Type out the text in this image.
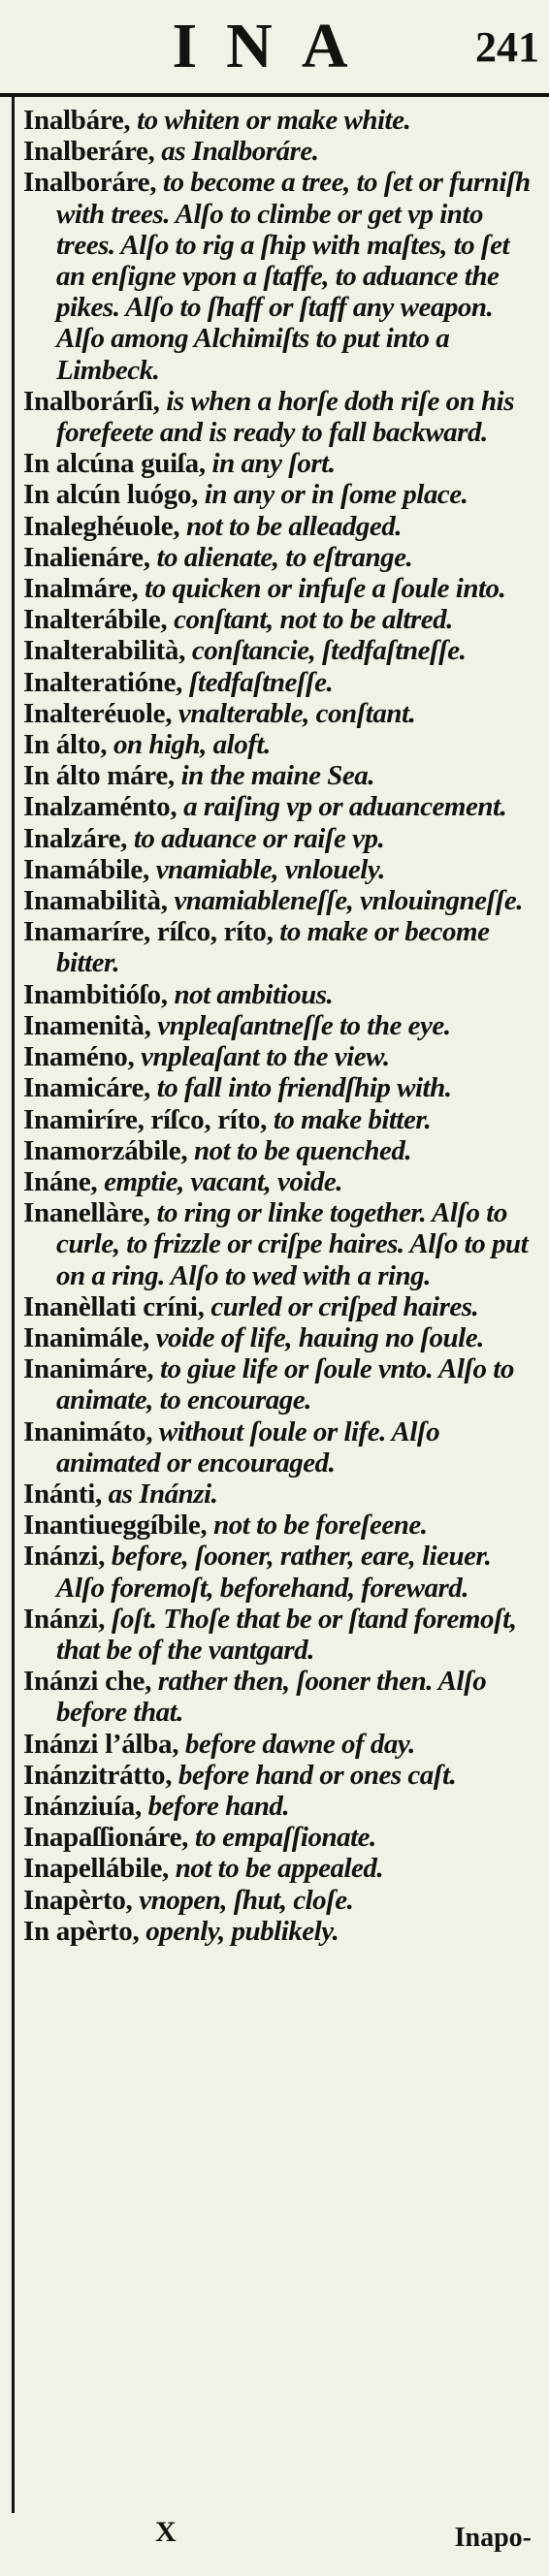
INA	241

Inalbáre, to whiten or make white.

Inalberáre, as Inalboráre.

Inalboráre, to become a tree, to ſet or furniſh with trees. Alſo to climbe or get vp into trees. Alſo to rig a ſhip with maſtes, to ſet an enſigne vpon a ſtaffe, to aduance the pikes. Alſo to ſhaff or ſtaff any weapon. Alſo among Alchimiſts to put into a Limbeck.

Inalborárſi, is when a horſe doth riſe on his forefeete and is ready to fall backward.

In alcúna guiſa, in any ſort.

In alcún luógo, in any or in ſome place.

Inaleghéuole, not to be alleadged.

Inalienáre, to alienate, to eſtrange.

Inalmáre, to quicken or infuſe a ſoule into.

Inalterábile, conſtant, not to be altred.

Inalterabilità, conſtancie, ſtedfaſtneſſe.

Inalteratióne, ſtedfaſtneſſe.

Inalteréuole, vnalterable, conſtant.

In álto, on high, aloft.

In álto máre, in the maine Sea.

Inalzaménto, a raiſing vp or aduancement.

Inalzáre, to aduance or raiſe vp.

Inamábile, vnamiable, vnlouely.

Inamabilità, vnamiableneſſe, vnlouingneſſe.

Inamaríre, ríſco, ríto, to make or become bitter.

Inambitióſo, not ambitious.

Inamenità, vnpleaſantneſſe to the eye.

Inaméno, vnpleaſant to the view.

Inamicáre, to fall into friendſhip with.

Inamiríre, ríſco, ríto, to make bitter.

Inamorzábile, not to be quenched.

Ináne, emptie, vacant, voide.

Inanellàre, to ring or linke together. Alſo to curle, to frizzle or criſpe haires. Alſo to put on a ring. Alſo to wed with a ring.

Inanèllati críni, curled or criſped haires.

Inanimále, voide of life, hauing no ſoule.

Inanimáre, to giue life or ſoule vnto. Alſo to animate, to encourage.

Inanimáto, without ſoule or life. Alſo animated or encouraged.

Inánti, as Inánzi.

Inantiueggíbile, not to be foreſeene.

Inánzi, before, ſooner, rather, eare, lieuer. Alſo foremoſt, beforehand, foreward.

Inánzi, ſoſt. Thoſe that be or ſtand foremoſt, that be of the vantgard.

Inánzi che, rather then, ſooner then. Alſo before that.

Inánzi l’álba, before dawne of day.

Inánzitrátto, before hand or ones caſt.

Inánziuía, before hand.

Inapaſſionáre, to empaſſionate.

Inapellábile, not to be appealed.

Inapèrto, vnopen, ſhut, cloſe.

In apèrto, openly, publikely.

X	Inapo-
